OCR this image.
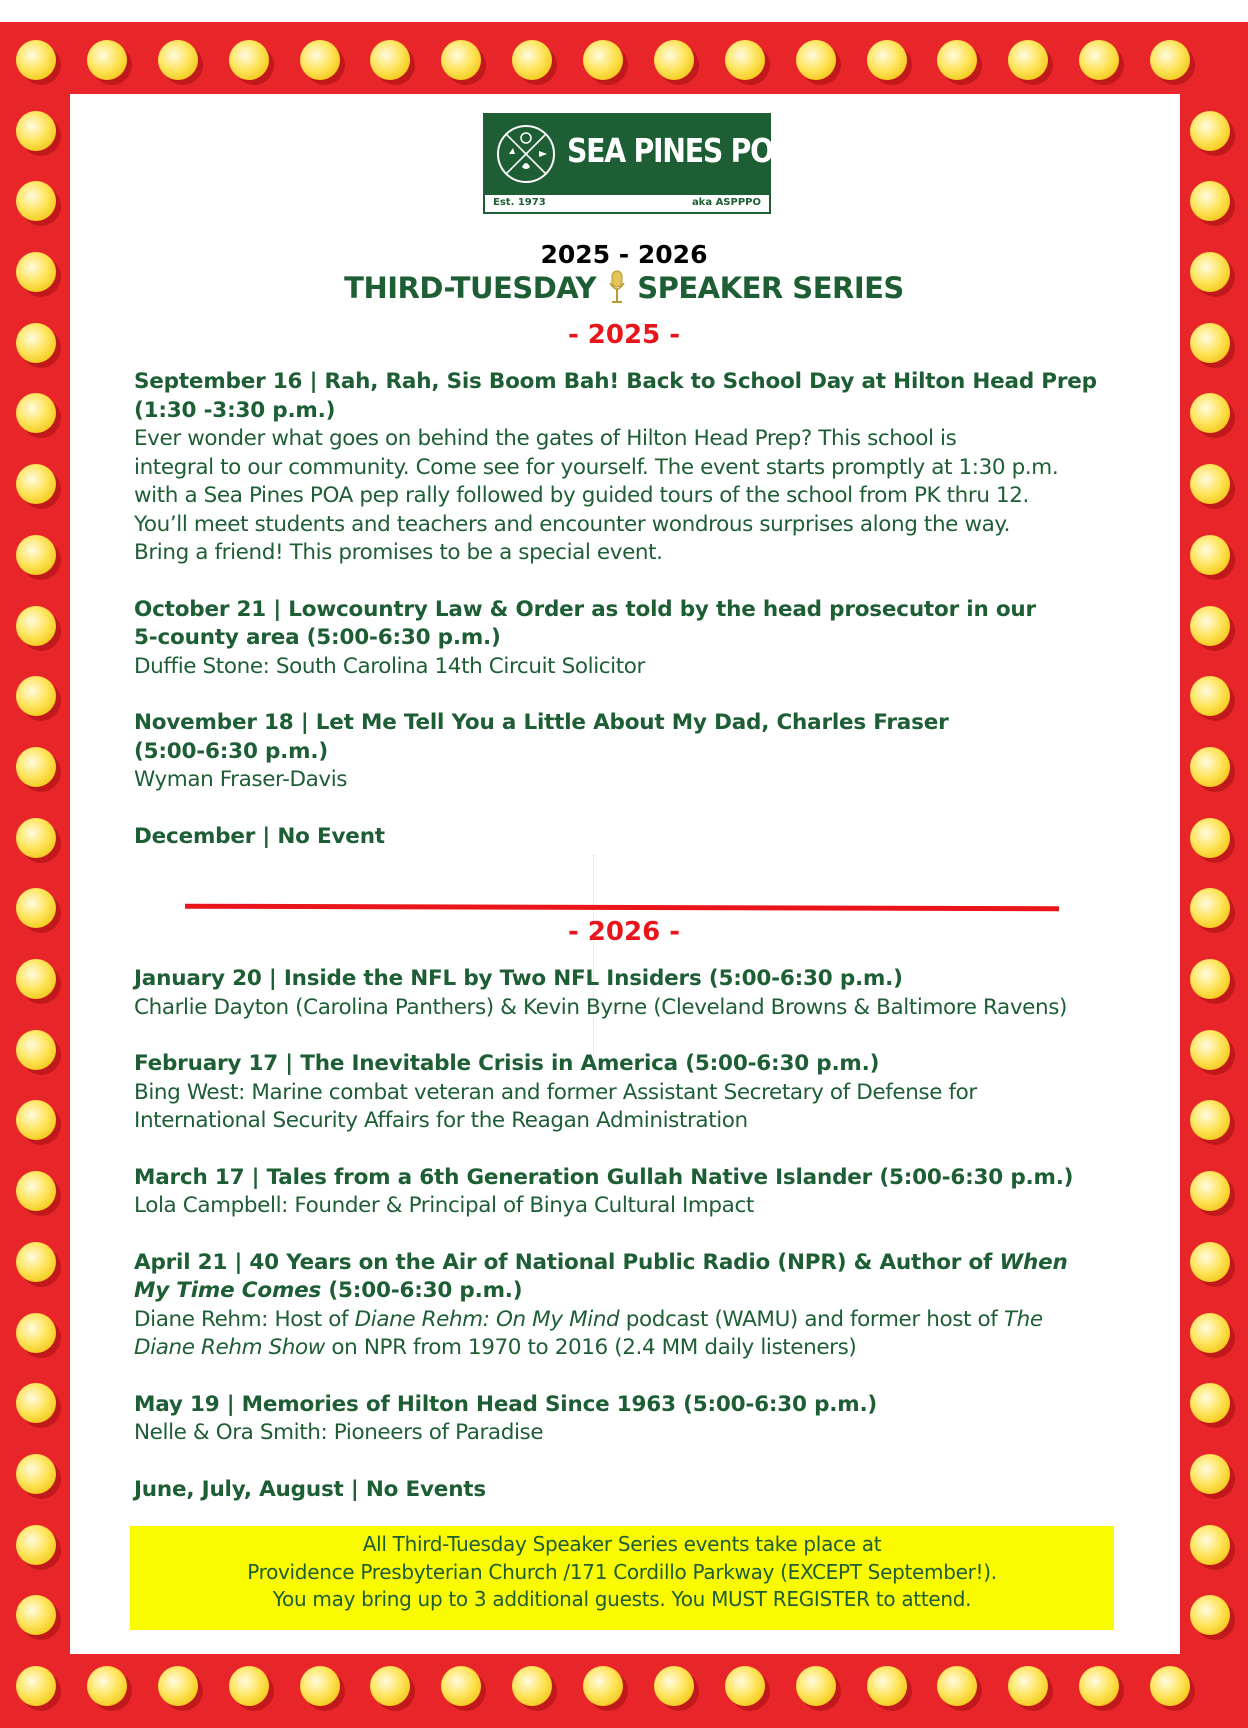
SEA PINES POA
Est. 1973	aka ASPPPO
2025 - 2026
THIRD-TUESDAY SPEAKER SERIES
- 2025 -
September 16 | Rah, Rah, Sis Boom Bah! Back to School Day at Hilton Head Prep
(1:30 -3:30 p.m.)
Ever wonder what goes on behind the gates of Hilton Head Prep? This school is
integral to our community. Come see for yourself. The event starts promptly at 1:30 p.m.
with a Sea Pines POA pep rally followed by guided tours of the school from PK thru 12.
You’ll meet students and teachers and encounter wondrous surprises along the way.
Bring a friend! This promises to be a special event.
October 21 | Lowcountry Law & Order as told by the head prosecutor in our
5-county area (5:00-6:30 p.m.)
Duffie Stone: South Carolina 14th Circuit Solicitor
November 18 | Let Me Tell You a Little About My Dad, Charles Fraser
(5:00-6:30 p.m.)
Wyman Fraser-Davis
December | No Event
- 2026 -
January 20 | Inside the NFL by Two NFL Insiders (5:00-6:30 p.m.)
Charlie Dayton (Carolina Panthers) & Kevin Byrne (Cleveland Browns & Baltimore Ravens)
February 17 | The Inevitable Crisis in America (5:00-6:30 p.m.)
Bing West: Marine combat veteran and former Assistant Secretary of Defense for
International Security Affairs for the Reagan Administration
March 17 | Tales from a 6th Generation Gullah Native Islander (5:00-6:30 p.m.)
Lola Campbell: Founder & Principal of Binya Cultural Impact
April 21 | 40 Years on the Air of National Public Radio (NPR) & Author of When
My Time Comes (5:00-6:30 p.m.)
Diane Rehm: Host of Diane Rehm: On My Mind podcast (WAMU) and former host of The
Diane Rehm Show on NPR from 1970 to 2016 (2.4 MM daily listeners)
May 19 | Memories of Hilton Head Since 1963 (5:00-6:30 p.m.)
Nelle & Ora Smith: Pioneers of Paradise
June, July, August | No Events
All Third-Tuesday Speaker Series events take place at
Providence Presbyterian Church /171 Cordillo Parkway (EXCEPT September!).
You may bring up to 3 additional guests. You MUST REGISTER to attend.
